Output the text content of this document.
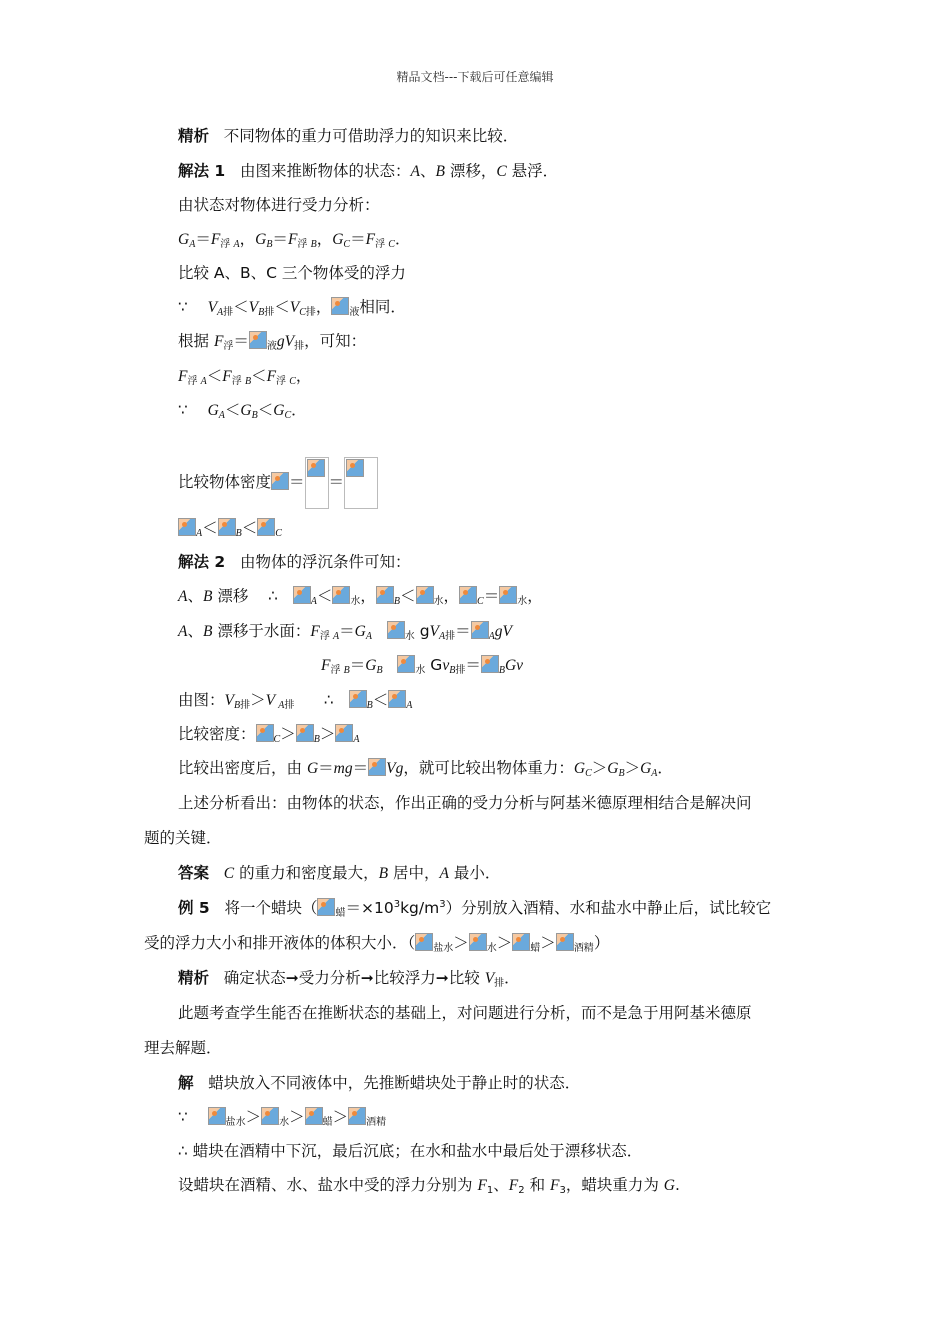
精品文档---下载后可任意编辑
精析   不同物体的重力可借助浮力的知识来比较．
解法 1   由图来推断物体的状态：A、B 漂移，C 悬浮．
由状态对物体进行受力分析：
$G_A=F_{浮 A}$，$G_B=F_{浮 B}$，$G_C=F_{浮 C}$．
比较 A、B、C 三个物体受的浮力
∵    $V_{A排}<V_{B排}<V_{C排}$， $_液$相同．
根据 $F_浮= _液gV_排$，可知：
$F_{浮 A}<F_{浮 B}<F_{浮 C}$，
∵    $G_A<G_B<G_C$．
比较物体密度 ＝ ＝
$_A$＜ $_B$＜ $_C$
解法 2   由物体的浮沉条件可知：
A、B 漂移    ∴   $_A$＜ $_水$， $_B$＜ $_水$， $_C$＝ $_水$，
A、B 漂移于水面：$F_{浮 A}=G_A$	$_水$ $gV_{A排}= _AgV$
$F_{浮 B}=G_B$	$_水$ $Gv_{B排}= _BGv$
由图：$V_{B排}>V$ $_{A排}$      ∴   $_B$＜ $_A$
比较密度： $_C$＞ $_B$＞ $_A$
比较出密度后，由 G＝mg＝ Vg，就可比较出物体重力：$G_C>G_B>G_A$．
上述分析看出：由物体的状态，作出正确的受力分析与阿基米德原理相结合是解决问
题的关键．
答案 C 的重力和密度最大，B 居中，A 最小．
例 5   将一个蜡块（ $_蜡=\times 10^3kg/m^3$）分别放入酒精、水和盐水中静止后，试比较它
受的浮力大小和排开液体的体积大小．（ $_{盐水}$＞ $_水$＞ $_蜡$＞ $_{酒精}$）
精析   确定状态➞受力分析➞比较浮力➞比较 $V_排$．
此题考查学生能否在推断状态的基础上，对问题进行分析，而不是急于用阿基米德原
理去解题．
解   蜡块放入不同液体中，先推断蜡块处于静止时的状态．
∵    $_{盐水}$＞ $_水$＞ $_蜡$＞ $_{酒精}$
∴ 蜡块在酒精中下沉，最后沉底；在水和盐水中最后处于漂移状态．
设蜡块在酒精、水、盐水中受的浮力分别为 $F_1$、$F_2$ 和 $F_3$，蜡块重力为 G.
